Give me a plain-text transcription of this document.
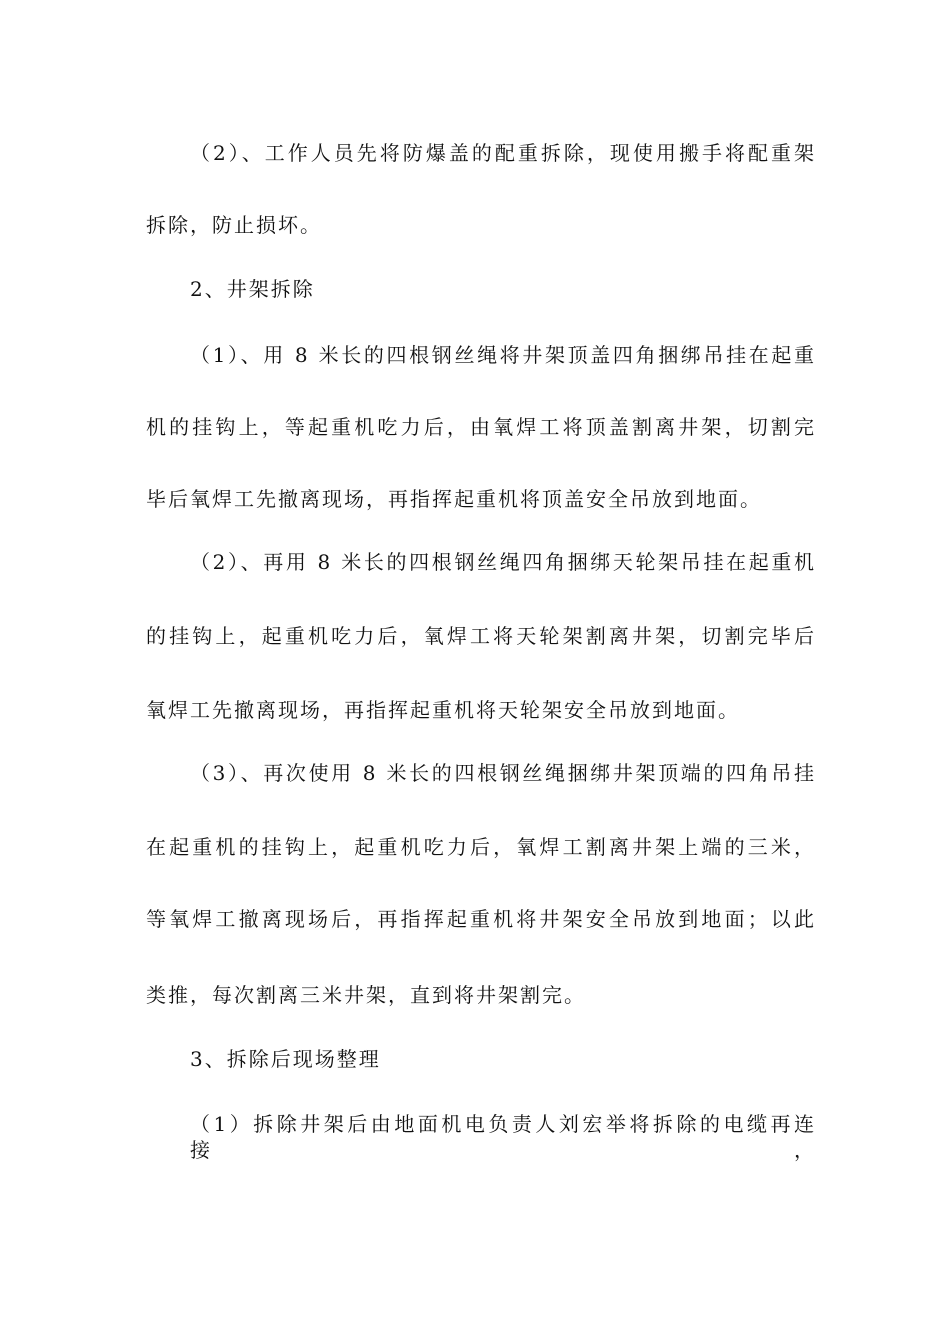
（2）、工作人员先将防爆盖的配重拆除，现使用搬手将配重架
拆除，防止损坏。
2、井架拆除
（1）、用 8 米长的四根钢丝绳将井架顶盖四角捆绑吊挂在起重
机的挂钩上，等起重机吃力后，由氧焊工将顶盖割离井架，切割完
毕后氧焊工先撤离现场，再指挥起重机将顶盖安全吊放到地面。
（2）、再用 8 米长的四根钢丝绳四角捆绑天轮架吊挂在起重机
的挂钩上，起重机吃力后，氧焊工将天轮架割离井架，切割完毕后
氧焊工先撤离现场，再指挥起重机将天轮架安全吊放到地面。
（3）、再次使用 8 米长的四根钢丝绳捆绑井架顶端的四角吊挂
在起重机的挂钩上，起重机吃力后，氧焊工割离井架上端的三米，
等氧焊工撤离现场后，再指挥起重机将井架安全吊放到地面；以此
类推，每次割离三米井架，直到将井架割完。
3、拆除后现场整理
（1）拆除井架后由地面机电负责人刘宏举将拆除的电缆再连接，
